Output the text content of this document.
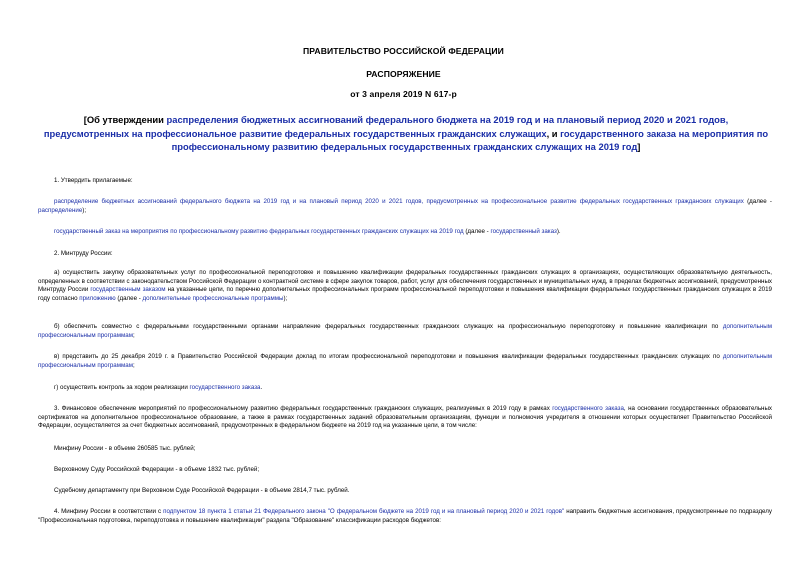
ПРАВИТЕЛЬСТВО РОССИЙСКОЙ ФЕДЕРАЦИИ
РАСПОРЯЖЕНИЕ
от 3 апреля 2019 N 617-р
[Об утверждении распределения бюджетных ассигнований федерального бюджета на 2019 год и на плановый период 2020 и 2021 годов, предусмотренных на профессиональное развитие федеральных государственных гражданских служащих, и государственного заказа на мероприятия по профессиональному развитию федеральных государственных гражданских служащих на 2019 год]
1. Утвердить прилагаемые:
распределение бюджетных ассигнований федерального бюджета на 2019 год и на плановый период 2020 и 2021 годов, предусмотренных на профессиональное развитие федеральных государственных гражданских служащих (далее - распределение);
государственный заказ на мероприятия по профессиональному развитию федеральных государственных гражданских служащих на 2019 год (далее - государственный заказ).
2. Минтруду России:
а) осуществить закупку образовательных услуг по профессиональной переподготовке и повышению квалификации федеральных государственных гражданских служащих в организациях, осуществляющих образовательную деятельность, определенных в соответствии с законодательством Российской Федерации о контрактной системе в сфере закупок товаров, работ, услуг для обеспечения государственных и муниципальных нужд, в пределах бюджетных ассигнований, предусмотренных Минтруду России государственным заказом на указанные цели, по перечню дополнительных профессиональных программ профессиональной переподготовки и повышения квалификации федеральных государственных гражданских служащих в 2019 году согласно приложению (далее - дополнительные профессиональные программы);
б) обеспечить совместно с федеральными государственными органами направление федеральных государственных гражданских служащих на профессиональную переподготовку и повышение квалификации по дополнительным профессиональным программам;
в) представить до 25 декабря 2019 г. в Правительство Российской Федерации доклад по итогам профессиональной переподготовки и повышения квалификации федеральных государственных гражданских служащих по дополнительным профессиональным программам;
г) осуществить контроль за ходом реализации государственного заказа.
3. Финансовое обеспечение мероприятий по профессиональному развитию федеральных государственных гражданских служащих, реализуемых в 2019 году в рамках государственного заказа, на основании государственных образовательных сертификатов на дополнительное профессиональное образование, а также в рамках государственных заданий образовательным организациям, функции и полномочия учредителя в отношении которых осуществляет Правительство Российской Федерации, осуществляется за счет бюджетных ассигнований, предусмотренных в федеральном бюджете на 2019 год на указанные цели, в том числе:
Минфину России - в объеме 260585 тыс. рублей;
Верховному Суду Российской Федерации - в объеме 1832 тыс. рублей;
Судебному департаменту при Верховном Суде Российской Федерации - в объеме 2814,7 тыс. рублей.
4. Минфину России в соответствии с подпунктом 18 пункта 1 статьи 21 Федерального закона "О федеральном бюджете на 2019 год и на плановый период 2020 и 2021 годов" направить бюджетные ассигнования, предусмотренные по подразделу "Профессиональная подготовка, переподготовка и повышение квалификации" раздела "Образование" классификации расходов бюджетов:
